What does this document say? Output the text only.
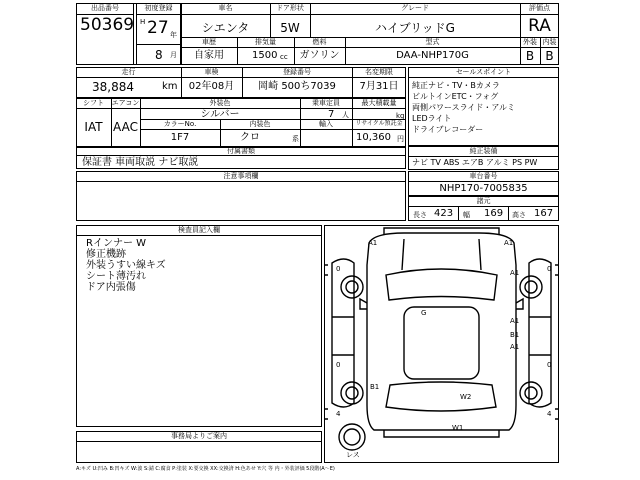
出品番号
50369
初度登録
H 27 年
8 月
車名
シエンタ
ドア形状
5W
グレード
ハイブリッドG
評価点
RA
車歴	排気量	燃料	型式	外装 内装
自家用	1500 cc	ガソリン	DAA-NHP170G	B B
走行	車検	登録番号	名変期限
38,884	km	02年08月	岡崎 500ち7039	7月31日
セールスポイント
純正ナビ・TV・Bカメラ
ビルトインETC・フォグ
両側パワースライド・アルミ
LEDライト
ドライブレコーダー
シフト	エアコン	外装色	乗車定員	最大積載量
IAT AAC
シルバー	7 人	kg
カラーNo.	内装色	輸入	リサイクル預託金
1F7	クロ	系	10,360 円
付属書類
保証書 車両取説 ナビ取説
純正装備
ナビ TV ABS エアB アルミ PS PW
注意事項欄	車台番号
NHP170-7005835
諸元
長さ 423 幅 169 高さ 167
検査員記入欄
Rインナー W
修正機跡
外装うすい線キズ
シート薄汚れ
ドア内張傷
事務局よりご案内
A1	A1
A1
A1
B1
A1
B1
G
W2
W1
0	0
0	0
4	4
レス
A:キズ U:凹み B:凹キズ W:波 S:錆 C:腐食 P:塗装 X:要交換 XX:交換済 H:色あせ Y:穴 等 内・外装評価 5段階(A〜E)
